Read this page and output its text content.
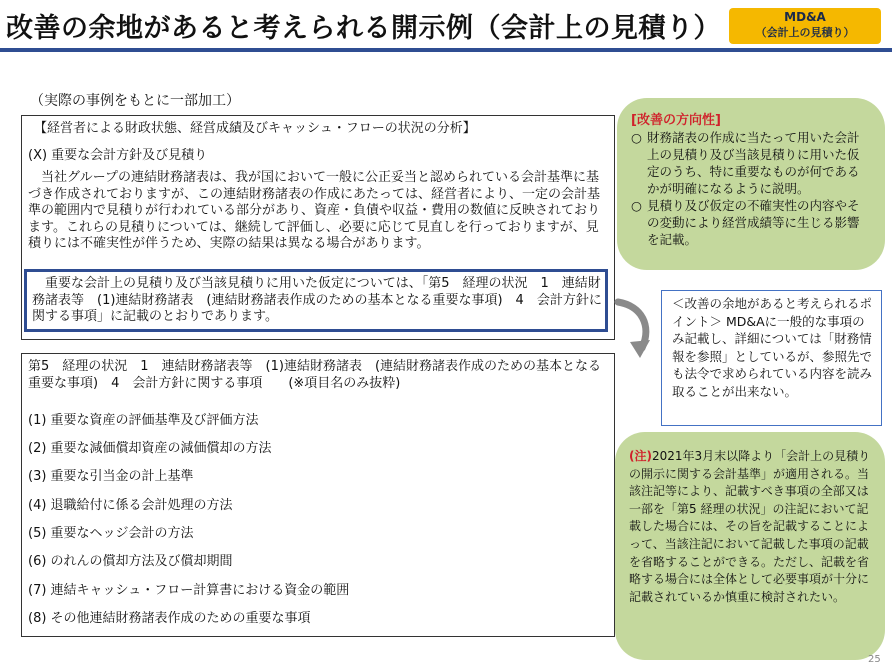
改善の余地があると考えられる開示例（会計上の見積り）	MD&A
（会計上の見積り）
（実際の事例をもとに一部加工）
【経営者による財政状態、経営成績及びキャッシュ・フローの状況の分析】
(X) 重要な会計方針及び見積り
当社グループの連結財務諸表は、我が国において一般に公正妥当と認められている会計基準に基づき作成されておりますが、この連結財務諸表の作成にあたっては、経営者により、一定の会計基準の範囲内で見積りが行われている部分があり、資産・負債や収益・費用の数値に反映されております。これらの見積りについては、継続して評価し、必要に応じて見直しを行っておりますが、見積りには不確実性が伴うため、実際の結果は異なる場合があります。
重要な会計上の見積り及び当該見積りに用いた仮定については、「第5　経理の状況　1　連結財務諸表等　(1)連結財務諸表　(連結財務諸表作成のための基本となる重要な事項)　4　会計方針に関する事項」に記載のとおりであります。
第5　経理の状況　1　連結財務諸表等　(1)連結財務諸表　(連結財務諸表作成のための基本となる重要な事項)　4　会計方針に関する事項　　(※項目名のみ抜粋)
(1) 重要な資産の評価基準及び評価方法
(2) 重要な減価償却資産の減価償却の方法
(3) 重要な引当金の計上基準
(4) 退職給付に係る会計処理の方法
(5) 重要なヘッジ会計の方法
(6) のれんの償却方法及び償却期間
(7) 連結キャッシュ・フロー計算書における資金の範囲
(8) その他連結財務諸表作成のための重要な事項
[改善の方向性]
○ 財務諸表の作成に当たって用いた会計上の見積り及び当該見積りに用いた仮定のうち、特に重要なものが何であるかが明確になるように説明。
○ 見積り及び仮定の不確実性の内容やその変動により経営成績等に生じる影響を記載。
＜改善の余地があると考えられるポイント＞ MD&Aに一般的な事項のみ記載し、詳細については「財務情報を参照」としているが、参照先でも法令で求められている内容を読み取ることが出来ない。
(注)2021年3月末以降より「会計上の見積りの開示に関する会計基準」が適用される。当該注記等により、記載すべき事項の全部又は一部を「第5 経理の状況」の注記において記載した場合には、その旨を記載することによって、当該注記において記載した事項の記載を省略することができる。ただし、記載を省略する場合には全体として必要事項が十分に記載されているか慎重に検討されたい。
25
